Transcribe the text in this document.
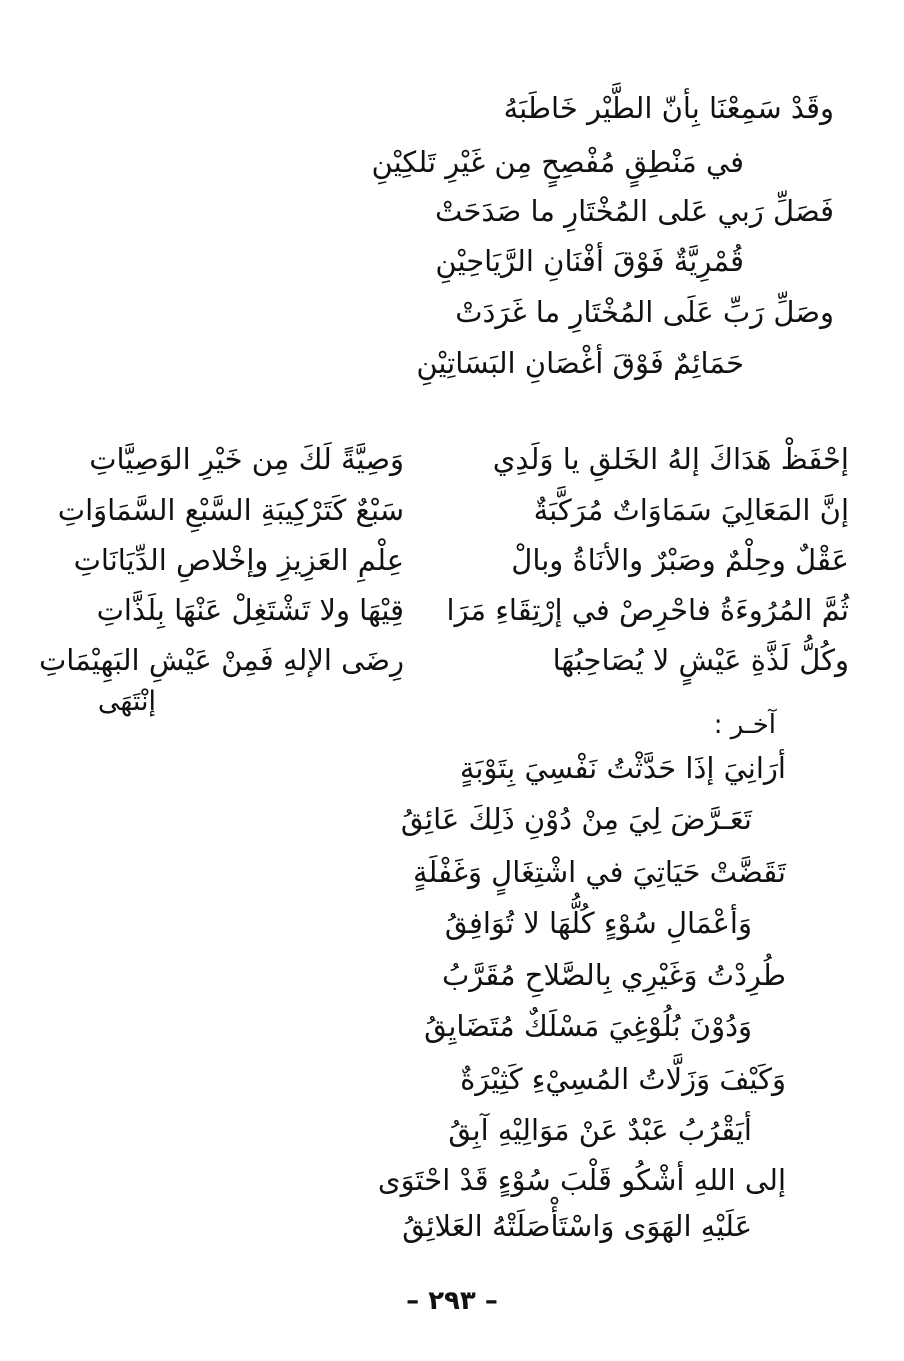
وقَدْ سَمِعْنَا بِأنّ الطَّيْر خَاطَبَهُ
في مَنْطِقٍ مُفْصِحٍ مِن غَيْرِ تَلكِيْنِ
فَصَلِّ رَبي عَلى المُخْتَارِ ما صَدَحَتْ
قُمْرِيَّةٌ فَوْقَ أفْنَانِ الرَّيَاحِيْنِ
وصَلِّ رَبِّ عَلَى المُخْتَارِ ما غَرَدَتْ
حَمَائِمٌ فَوْقَ أغْصَانِ البَسَاتِيْنِ
إحْفَظْ هَدَاكَ إلهُ الخَلقِ يا وَلَدِي
وَصِيَّةً لَكَ مِن خَيْرِ الوَصِيَّاتِ
إنَّ المَعَالِيَ سَمَاوَاتٌ مُرَكَّبَةٌ
سَبْعٌ كَتَرْكِيبَةِ السَّبْعِ السَّمَاوَاتِ
عَقْلٌ وحِلْمٌ وصَبْرٌ والأنَاةُ وبالْ
عِلْمِ العَزِيزِ وإخْلاصِ الدِّيَانَاتِ
ثُمَّ المُرُوءَةُ فاحْرِصْ في إرْتِقَاءِ مَرَا
قِيْهَا ولا تَشْتَغِلْ عَنْهَا بِلَذَّاتِ
وكُلُّ لَذَّةِ عَيْشٍ لا يُصَاحِبُهَا
رِضَى الإلهِ فَمِنْ عَيْشِ البَهِيْمَاتِ
إنْتَهَى
آخـر :
أرَانِيَ إذَا حَدَّثْتُ نَفْسِيَ بِتَوْبَةٍ
تَعَـرَّضَ لِيَ مِنْ دُوْنِ ذَلِكَ عَائِقُ
تَقَضَّتْ حَيَاتِيَ في اشْتِغَالٍ وَغَفْلَةٍ
وَأعْمَالِ سُوْءٍ كُلُّهَا لا تُوَافِقُ
طُرِدْتُ وَغَيْرِي بِالصَّلاحِ مُقَرَّبُ
وَدُوْنَ بُلُوْغِيَ مَسْلَكٌ مُتَضَايِقُ
وَكَيْفَ وَزَلَّاتُ المُسِيْءِ كَثِيْرَةٌ
أيَقْرُبُ عَبْدٌ عَنْ مَوَالِيْهِ آبِقُ
إلى اللهِ أشْكُو قَلْبَ سُوْءٍ قَدْ احْتَوَى
عَلَيْهِ الهَوَى وَاسْتَأْصَلَتْهُ العَلائِقُ
– ٢٩٣ –
